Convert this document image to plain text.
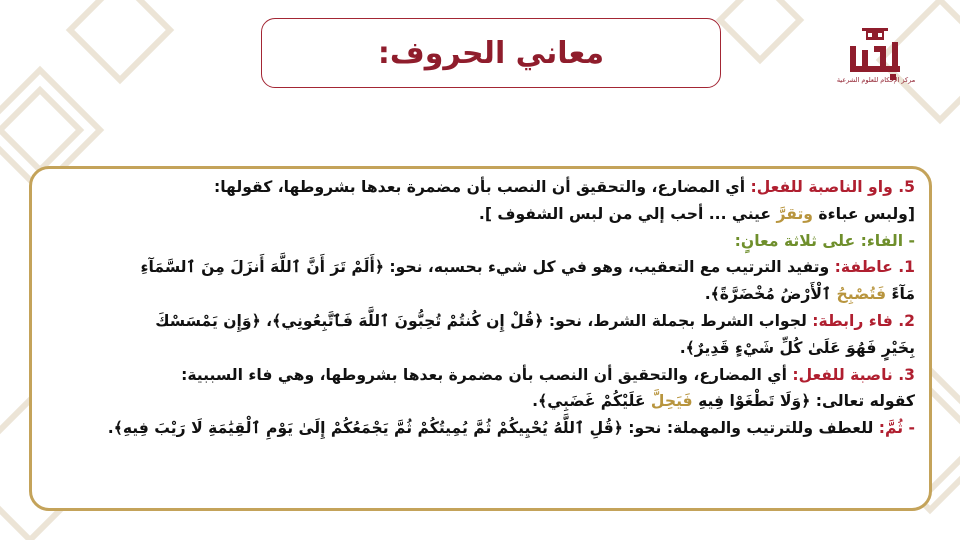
معاني الحروف:
مركز الإحكام للعلوم الشرعية
5. واو الناصبة للفعل: أي المضارع، والتحقيق أن النصب بأن مضمرة بعدها بشروطها، كقولها:
[ولبس عباءة وتقرَّ عيني ... أحب إلي من لبس الشفوف ].
- الفاء: على ثلاثة معانٍ:
1. عاطفة: وتفيد الترتيب مع التعقيب، وهو في كل شيء بحسبه، نحو: ﴿أَلَمْ تَرَ أَنَّ ٱللَّهَ أَنزَلَ مِنَ ٱلسَّمَآءِ
مَآءً فَتُصْبِحُ ٱلْأَرْضُ مُخْضَرَّةً﴾.
2. فاء رابطة: لجواب الشرط بجملة الشرط، نحو: ﴿قُلْ إِن كُنتُمْ تُحِبُّونَ ٱللَّهَ فَٱتَّبِعُونِي﴾، ﴿وَإِن يَمْسَسْكَ
بِخَيْرٍ فَهُوَ عَلَىٰ كُلِّ شَيْءٍ قَدِيرٌ﴾.
3. ناصبة للفعل: أي المضارع، والتحقيق أن النصب بأن مضمرة بعدها بشروطها، وهي فاء السببية:
كقوله تعالى: ﴿وَلَا تَطْغَوْا فِيهِ فَيَحِلَّ عَلَيْكُمْ غَضَبِي﴾.
- ثُمَّ: للعطف وللترتيب والمهملة: نحو: ﴿قُلِ ٱللَّهُ يُحْيِيكُمْ ثُمَّ يُمِيتُكُمْ ثُمَّ يَجْمَعُكُمْ إِلَىٰ يَوْمِ ٱلْقِيَٰمَةِ لَا رَيْبَ فِيهِ﴾.
